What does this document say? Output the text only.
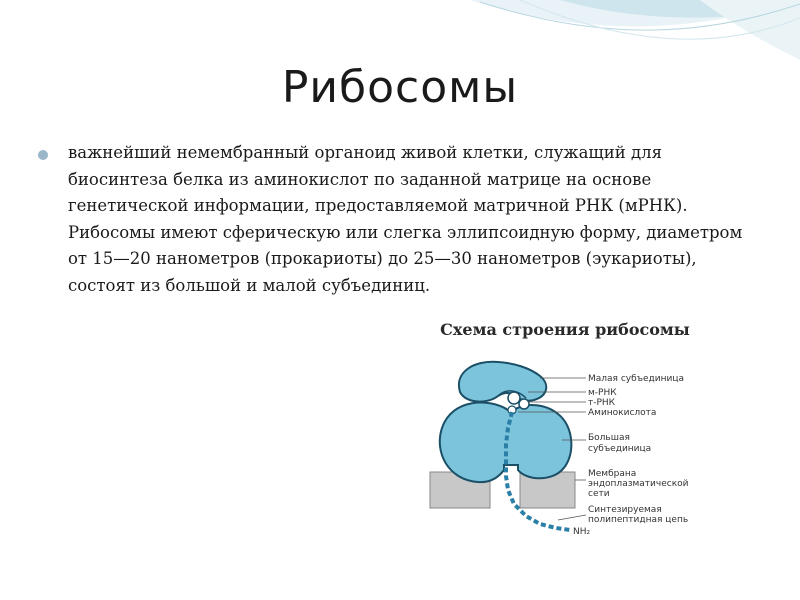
Рибосомы

важнейший немембранный органоид живой клетки, служащий для биосинтеза белка из аминокислот по заданной матрице на основе генетической информации, предоставляемой матричной РНК (мРНК). Рибосомы имеют сферическую или слегка эллипсоидную форму, диаметром от 15—20 нанометров (прокариоты) до 25—30 нанометров (эукариоты), состоят из большой и малой субъединиц.

Схема строения рибосомы
Малая субъединица
м-РНК
т-РНК
Аминокислота
Большая
субъединица
Мембрана
эндоплазматической
сети
Синтезируемая
полипептидная цепь
NH₂
